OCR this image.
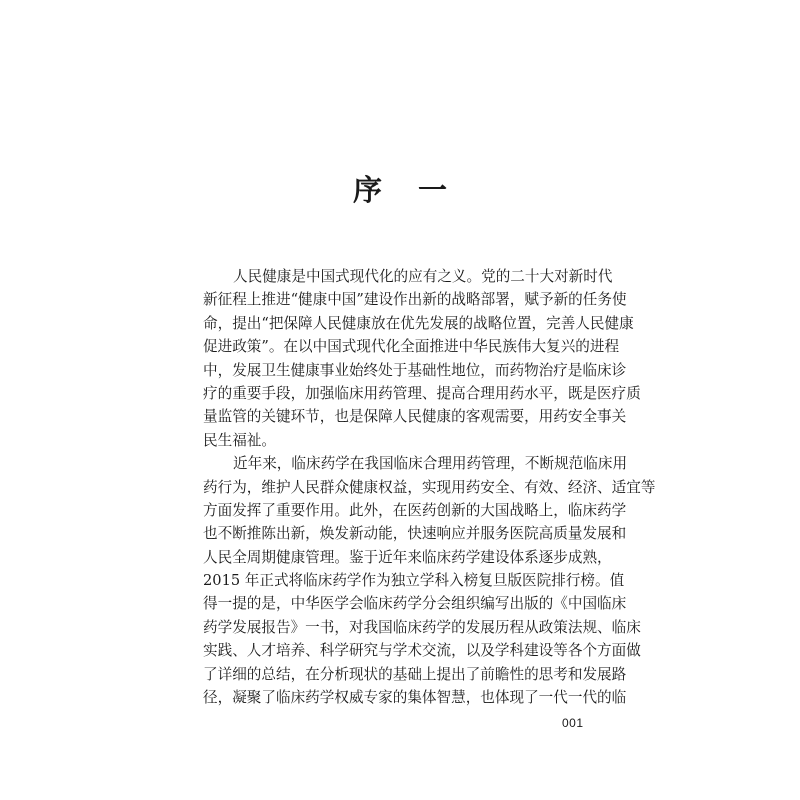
序 一
人民健康是中国式现代化的应有之义。党的二十大对新时代
新征程上推进“健康中国”建设作出新的战略部署，赋予新的任务使
命，提出“把保障人民健康放在优先发展的战略位置，完善人民健康
促进政策”。在以中国式现代化全面推进中华民族伟大复兴的进程
中，发展卫生健康事业始终处于基础性地位，而药物治疗是临床诊
疗的重要手段，加强临床用药管理、提高合理用药水平，既是医疗质
量监管的关键环节，也是保障人民健康的客观需要，用药安全事关
民生福祉。
近年来，临床药学在我国临床合理用药管理，不断规范临床用
药行为，维护人民群众健康权益，实现用药安全、有效、经济、适宜等
方面发挥了重要作用。此外，在医药创新的大国战略上，临床药学
也不断推陈出新，焕发新动能，快速响应并服务医院高质量发展和
人民全周期健康管理。鉴于近年来临床药学建设体系逐步成熟，
2015 年正式将临床药学作为独立学科入榜复旦版医院排行榜。值
得一提的是，中华医学会临床药学分会组织编写出版的《中国临床
药学发展报告》一书，对我国临床药学的发展历程从政策法规、临床
实践、人才培养、科学研究与学术交流，以及学科建设等各个方面做
了详细的总结，在分析现状的基础上提出了前瞻性的思考和发展路
径，凝聚了临床药学权威专家的集体智慧，也体现了一代一代的临
001
